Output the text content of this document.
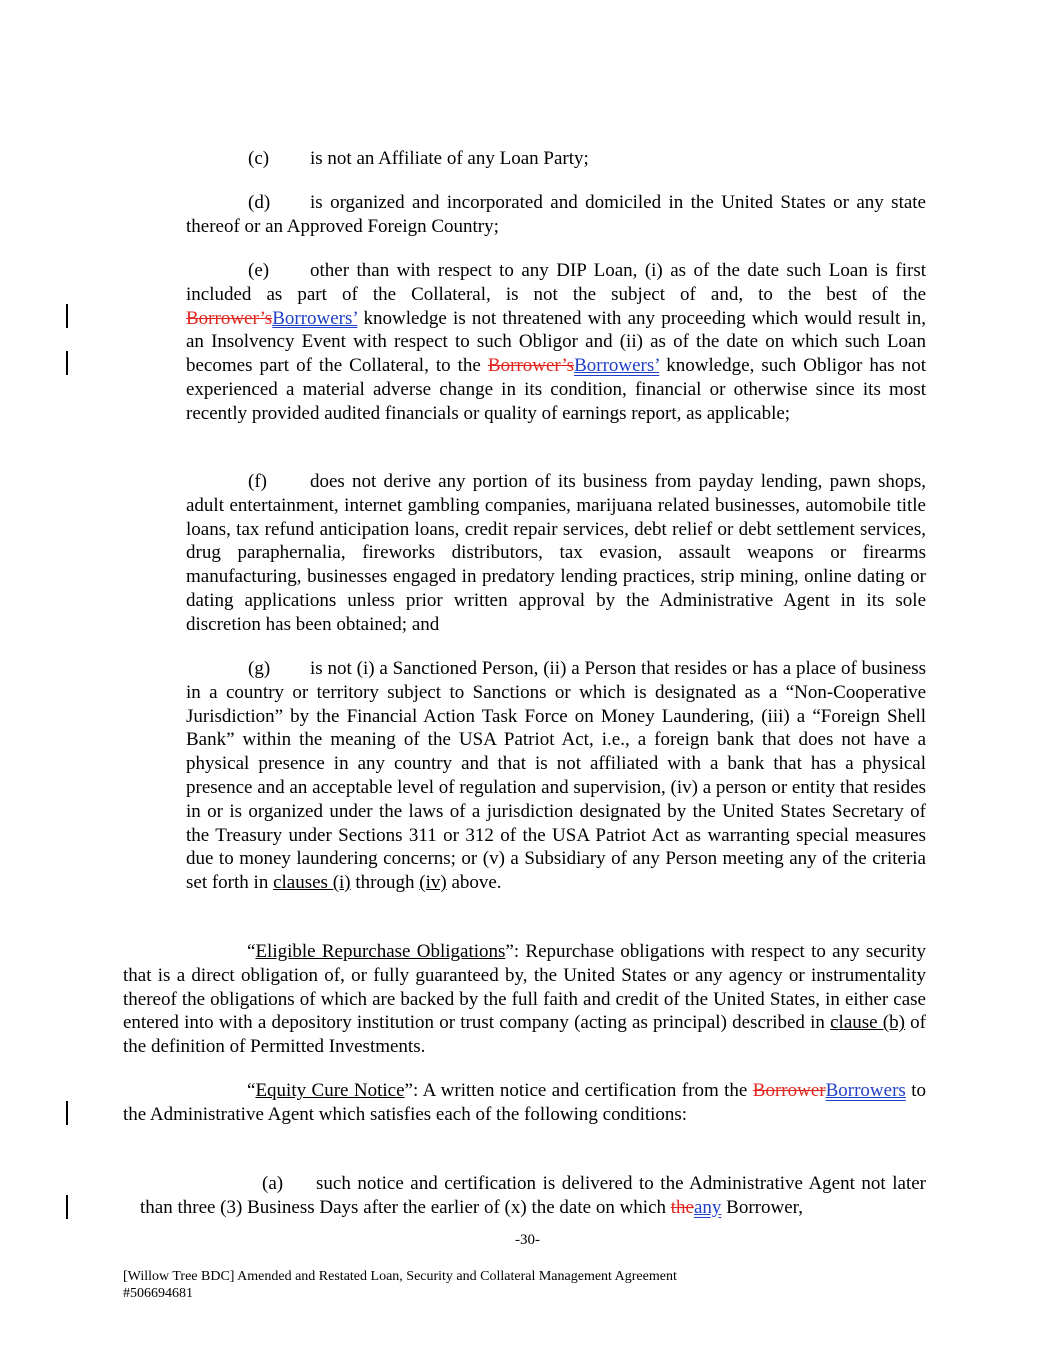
(c) is not an Affiliate of any Loan Party;

(d) is organized and incorporated and domiciled in the United States or any state thereof or an Approved Foreign Country;

(e) other than with respect to any DIP Loan, (i) as of the date such Loan is first included as part of the Collateral, is not the subject of and, to the best of the Borrower’sBorrowers’ knowledge is not threatened with any proceeding which would result in, an Insolvency Event with respect to such Obligor and (ii) as of the date on which such Loan becomes part of the Collateral, to the Borrower’sBorrowers’ knowledge, such Obligor has not experienced a material adverse change in its condition, financial or otherwise since its most recently provided audited financials or quality of earnings report, as applicable;

(f) does not derive any portion of its business from payday lending, pawn shops, adult entertainment, internet gambling companies, marijuana related businesses, automobile title loans, tax refund anticipation loans, credit repair services, debt relief or debt settlement services, drug paraphernalia, fireworks distributors, tax evasion, assault weapons or firearms manufacturing, businesses engaged in predatory lending practices, strip mining, online dating or dating applications unless prior written approval by the Administrative Agent in its sole discretion has been obtained; and

(g) is not (i) a Sanctioned Person, (ii) a Person that resides or has a place of business in a country or territory subject to Sanctions or which is designated as a “Non-Cooperative Jurisdiction” by the Financial Action Task Force on Money Laundering, (iii) a “Foreign Shell Bank” within the meaning of the USA Patriot Act, i.e., a foreign bank that does not have a physical presence in any country and that is not affiliated with a bank that has a physical presence and an acceptable level of regulation and supervision, (iv) a person or entity that resides in or is organized under the laws of a jurisdiction designated by the United States Secretary of the Treasury under Sections 311 or 312 of the USA Patriot Act as warranting special measures due to money laundering concerns; or (v) a Subsidiary of any Person meeting any of the criteria set forth in clauses (i) through (iv) above.

“Eligible Repurchase Obligations”: Repurchase obligations with respect to any security that is a direct obligation of, or fully guaranteed by, the United States or any agency or instrumentality thereof the obligations of which are backed by the full faith and credit of the United States, in either case entered into with a depository institution or trust company (acting as principal) described in clause (b) of the definition of Permitted Investments.

“Equity Cure Notice”: A written notice and certification from the BorrowerBorrowers to the Administrative Agent which satisfies each of the following conditions:

(a) such notice and certification is delivered to the Administrative Agent not later than three (3) Business Days after the earlier of (x) the date on which theany Borrower,

-30-
[Willow Tree BDC] Amended and Restated Loan, Security and Collateral Management Agreement
#506694681
